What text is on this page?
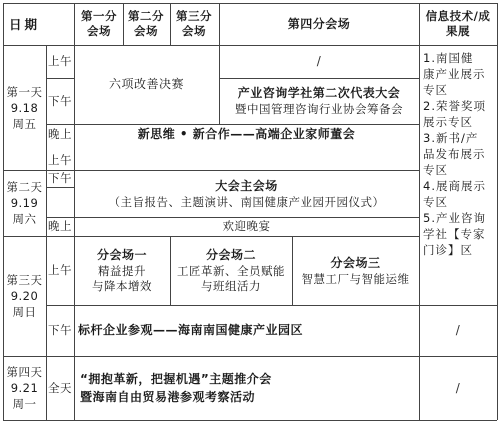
日期
第一分会场
第二分会场
第三分会场
第四分会场
信息技术/成果展
第一天
9.18
周五
上午
下午
晚上
六项改善决赛
/
产业咨询学社第二次代表大会
暨中国管理咨询行业协会筹备会
新思维 • 新合作——高端企业家师董会
第二天
9.19
周六
上午
下午
晚上
大会主会场
（主旨报告、主题演讲、南国健康产业园开园仪式）
欢迎晚宴
第三天
9.20
周日
上午
下午
分会场一
精益提升
与降本增效
分会场二
工匠革新、全员赋能
与班组活力
分会场三
智慧工厂与智能运维
标杆企业参观——海南南国健康产业园区	/
第四天
9.21
周一
全天
“拥抱革新，把握机遇”主题推介会
暨海南自由贸易港参观考察活动
/
1.南国健
康产业展示
专区
2.荣誉奖项
展示专区
3.新书/产
品发布展示
专区
4.展商展示
专区
5.产业咨询
学社【专家
门诊】区
